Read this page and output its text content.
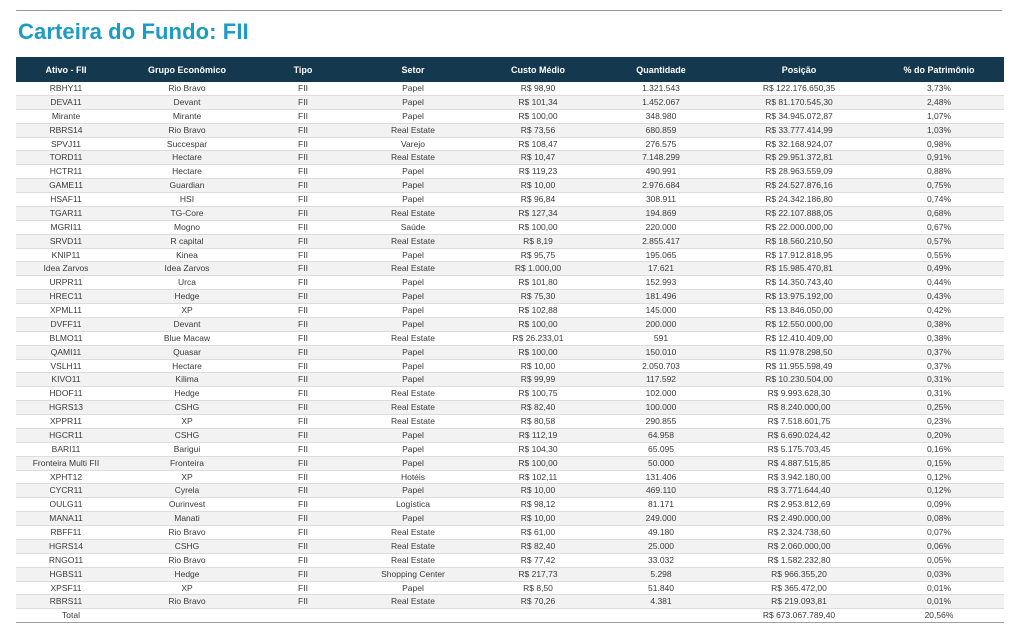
Carteira do Fundo: FII
Ativo - FII	Grupo Econômico	Tipo	Setor	Custo Médio	Quantidade	Posição	% do Patrimônio
RBHY11	Rio Bravo	FII	Papel	R$ 98,90	1.321.543	R$ 122.176.650,35	3,73%
DEVA11	Devant	FII	Papel	R$ 101,34	1.452.067	R$ 81.170.545,30	2,48%
Mirante	Mirante	FII	Papel	R$ 100,00	348.980	R$ 34.945.072,87	1,07%
RBRS14	Rio Bravo	FII	Real Estate	R$ 73,56	680.859	R$ 33.777.414,99	1,03%
SPVJ11	Succespar	FII	Varejo	R$ 108,47	276.575	R$ 32.168.924,07	0,98%
TORD11	Hectare	FII	Real Estate	R$ 10,47	7.148.299	R$ 29.951.372,81	0,91%
HCTR11	Hectare	FII	Papel	R$ 119,23	490.991	R$ 28.963.559,09	0,88%
GAME11	Guardian	FII	Papel	R$ 10,00	2.976.684	R$ 24.527.876,16	0,75%
HSAF11	HSI	FII	Papel	R$ 96,84	308.911	R$ 24.342.186,80	0,74%
TGAR11	TG-Core	FII	Real Estate	R$ 127,34	194.869	R$ 22.107.888,05	0,68%
MGRI11	Mogno	FII	Saúde	R$ 100,00	220.000	R$ 22.000.000,00	0,67%
SRVD11	R capital	FII	Real Estate	R$ 8,19	2.855.417	R$ 18.560.210,50	0,57%
KNIP11	Kinea	FII	Papel	R$ 95,75	195.065	R$ 17.912.818,95	0,55%
Idea Zarvos	Idea Zarvos	FII	Real Estate	R$ 1.000,00	17.621	R$ 15.985.470,81	0,49%
URPR11	Urca	FII	Papel	R$ 101,80	152.993	R$ 14.350.743,40	0,44%
HREC11	Hedge	FII	Papel	R$ 75,30	181.496	R$ 13.975.192,00	0,43%
XPML11	XP	FII	Papel	R$ 102,88	145.000	R$ 13.846.050,00	0,42%
DVFF11	Devant	FII	Papel	R$ 100,00	200.000	R$ 12.550.000,00	0,38%
BLMO11	Blue Macaw	FII	Real Estate	R$ 26.233,01	591	R$ 12.410.409,00	0,38%
QAMI11	Quasar	FII	Papel	R$ 100,00	150.010	R$ 11.978.298,50	0,37%
VSLH11	Hectare	FII	Papel	R$ 10,00	2.050.703	R$ 11.955.598,49	0,37%
KIVO11	Kilima	FII	Papel	R$ 99,99	117.592	R$ 10.230.504,00	0,31%
HDOF11	Hedge	FII	Real Estate	R$ 100,75	102.000	R$ 9.993.628,30	0,31%
HGRS13	CSHG	FII	Real Estate	R$ 82,40	100.000	R$ 8.240.000,00	0,25%
XPPR11	XP	FII	Real Estate	R$ 80,58	290.855	R$ 7.518.601,75	0,23%
HGCR11	CSHG	FII	Papel	R$ 112,19	64.958	R$ 6.690.024,42	0,20%
BARI11	Barigui	FII	Papel	R$ 104,30	65.095	R$ 5.175.703,45	0,16%
Fronteira Multi FII	Fronteira	FII	Papel	R$ 100,00	50.000	R$ 4.887.515,85	0,15%
XPHT12	XP	FII	Hotéis	R$ 102,11	131.406	R$ 3.942.180,00	0,12%
CYCR11	Cyrela	FII	Papel	R$ 10,00	469.110	R$ 3.771.644,40	0,12%
OULG11	Ourinvest	FII	Logística	R$ 98,12	81.171	R$ 2.953.812,69	0,09%
MANA11	Manati	FII	Papel	R$ 10,00	249.000	R$ 2.490.000,00	0,08%
RBFF11	Rio Bravo	FII	Real Estate	R$ 61,00	49.180	R$ 2.324.738,60	0,07%
HGRS14	CSHG	FII	Real Estate	R$ 82,40	25.000	R$ 2.060.000,00	0,06%
RNGO11	Rio Bravo	FII	Real Estate	R$ 77,42	33.032	R$ 1.582.232,80	0,05%
HGBS11	Hedge	FII	Shopping Center	R$ 217,73	5.298	R$ 966.355,20	0,03%
XPSF11	XP	FII	Papel	R$ 8,50	51.840	R$ 365.472,00	0,01%
RBRS11	Rio Bravo	FII	Real Estate	R$ 70,26	4.381	R$ 219.093,81	0,01%
Total						R$ 673.067.789,40	20,56%
